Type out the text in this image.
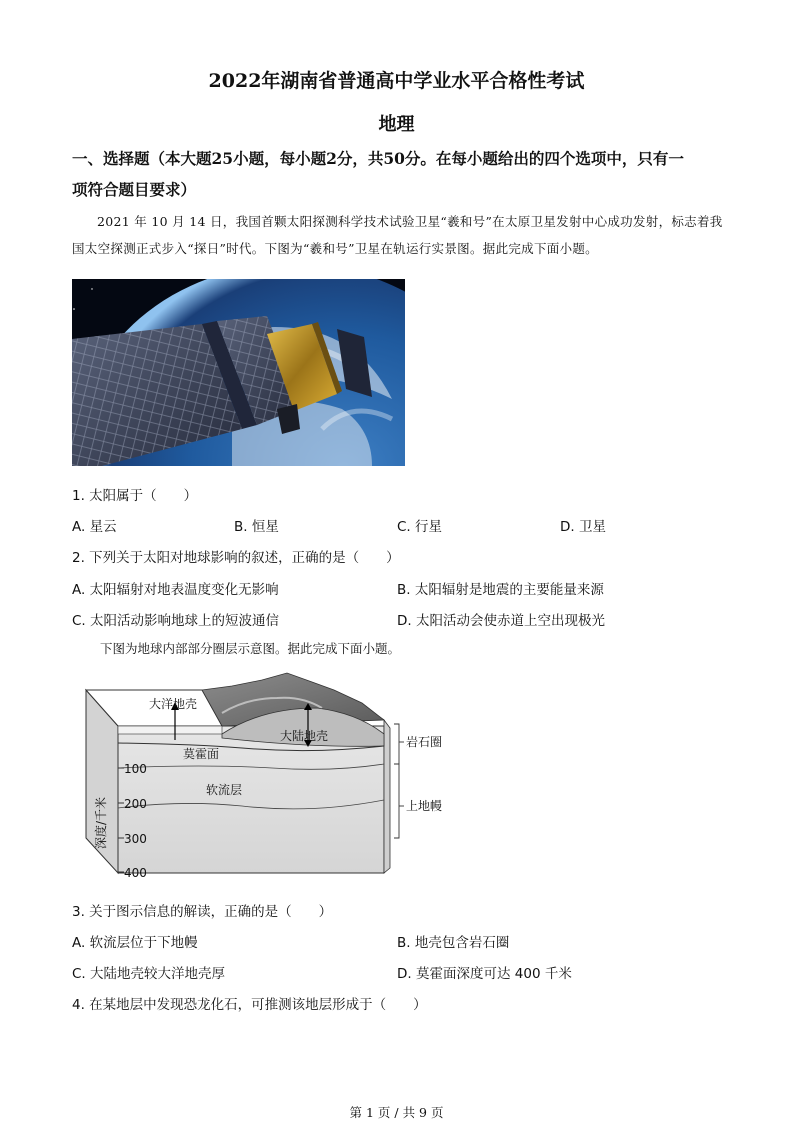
2022年湖南省普通高中学业水平合格性考试
地理
一、选择题（本大题25小题，每小题2分，共50分。在每小题给出的四个选项中，只有一
项符合题目要求）
2021 年 10 月 14 日，我国首颗太阳探测科学技术试验卫星“羲和号”在太原卫星发射中心成功发射，标志着我国太空探测正式步入“探日”时代。下图为“羲和号”卫星在轨运行实景图。据此完成下面小题。
1. 太阳属于（　　）
A. 星云	B. 恒星	C. 行星	D. 卫星
2. 下列关于太阳对地球影响的叙述，正确的是（　　）
A. 太阳辐射对地表温度变化无影响	B. 太阳辐射是地震的主要能量来源
C. 太阳活动影响地球上的短波通信	D. 太阳活动会使赤道上空出现极光
下图为地球内部部分圈层示意图。据此完成下面小题。
100
200
300
400
深度/千米
大洋地壳
大陆地壳
莫霍面
软流层
岩石圈
上地幔
3. 关于图示信息的解读，正确的是（　　）
A. 软流层位于下地幔	B. 地壳包含岩石圈
C. 大陆地壳较大洋地壳厚	D. 莫霍面深度可达 400 千米
4. 在某地层中发现恐龙化石，可推测该地层形成于（　　）
第 1 页 / 共 9 页
